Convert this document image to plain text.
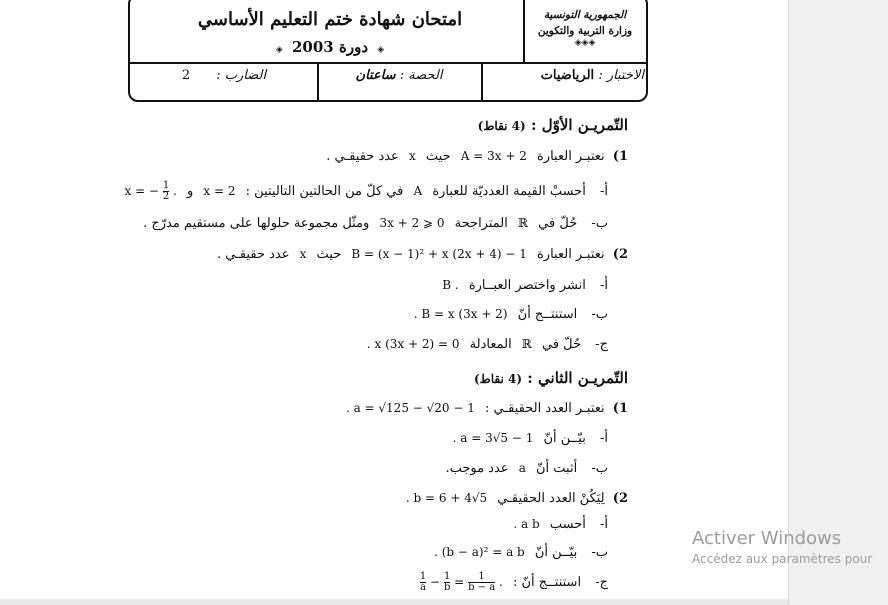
الجمهورية التونسية
وزارة التربية والتكوين
◈◈◈
امتحان شهادة ختم التعليم الأساسي
◈ دورة 2003 ◈
الاختبار : الرياضيات
الحصة : ساعتان
الضارب : 2
التّمريـن الأوّل : (4 نقاط)
1) نعتبـر العبارة A = 3x + 2 حيث x عدد حقيقـي .
أ- أحسبْ القيمة العدديّة للعبارة A في كلّ من الحالتين التاليتين : x = 2 و x = − $\frac{1}{2}$ .
ب- حُلّ في ℝ المتراجحة 3x + 2 ⩾ 0 ومثّل مجموعة حلولها على مستقيم مدرّج .
2) نعتبـر العبارة B = (x − 1)² + x (2x + 4) − 1 حيث x عدد حقيقـي .
أ- انشر واختصر العبــارة B .
ب- استنتــج أنّ . B = x (3x + 2)
ج- حُلّ في ℝ المعادلة . x (3x + 2) = 0
التّمريـن الثاني : (4 نقاط)
1) نعتبـر العدد الحقيقـي : . a = √125 − √20 − 1
أ- بيّــن أنّ . a = 3√5 − 1
ب- أثبت أنّ a عدد موجب.
2) لِيَكُنْ العدد الحقيقـي . b = 6 + 4√5
أ- أحسب . a b
ب- بيّــن أنّ . (b − a)² = a b
ج- استنتــج أنّ :
$\frac{1}{a} - \frac{1}{b} = \frac{1}{b - a}$ .
Activer Windows
Accédez aux paramètres pour
